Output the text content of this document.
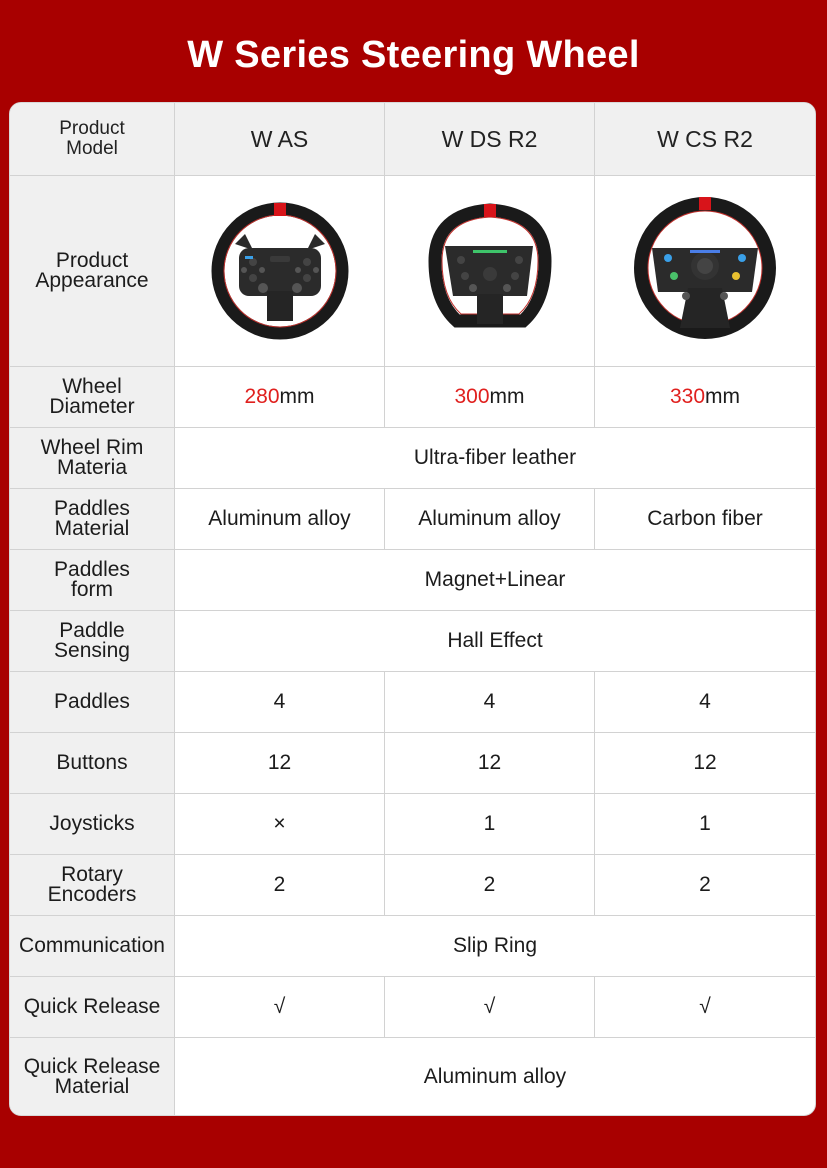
W Series Steering Wheel
Product Model	W AS	W DS R2	W CS R2

Product Appearance

Wheel Diameter	280mm	300mm	330mm

Wheel Rim Materia	Ultra-fiber leather		

Paddles Material	Aluminum alloy	Aluminum alloy	Carbon fiber

Paddles form	Magnet+Linear		

Paddle Sensing	Hall Effect		
Paddles	4	4	4
Buttons	12	12	12
Joysticks	×	1	1

Rotary Encoders	2	2	2
Communication	Slip Ring		
Quick Release	√	√	√

Quick Release Material	Aluminum alloy		
